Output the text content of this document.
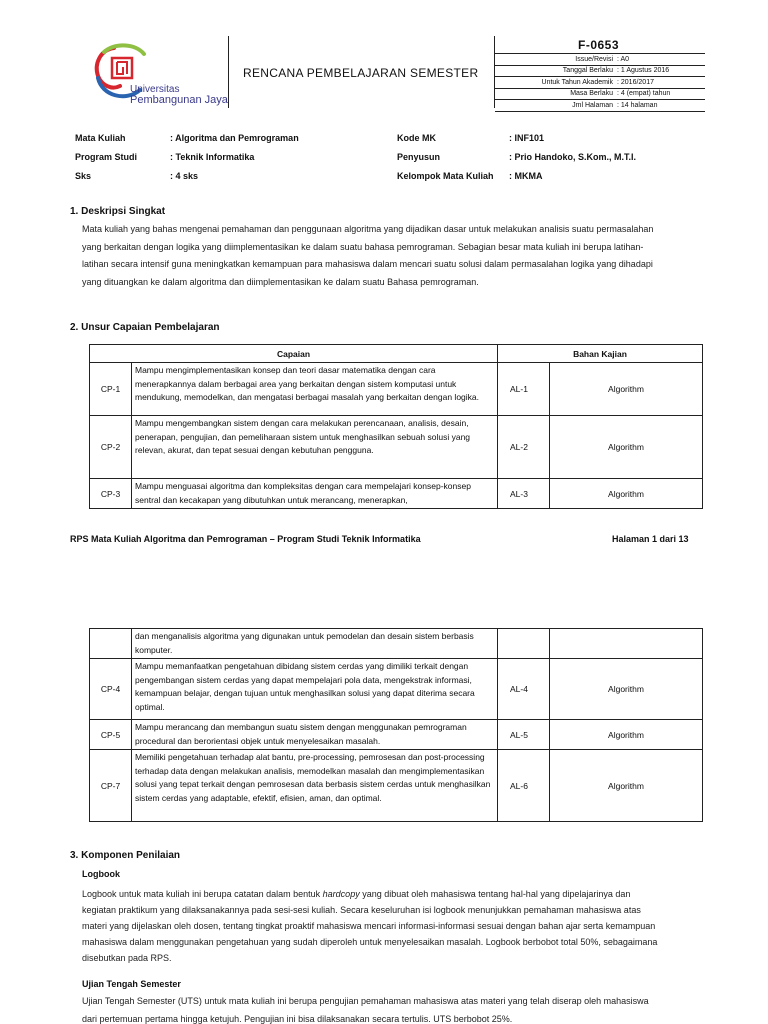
Universitas
Pembangunan Jaya
RENCANA PEMBELAJARAN SEMESTER
F-0653
Issue/Revisi	: A0
Tanggal Berlaku	: 1 Agustus 2016
Untuk Tahun Akademik	: 2016/2017
Masa Berlaku	: 4 (empat) tahun
Jml Halaman	: 14 halaman
Mata Kuliah	: Algoritma dan Pemrograman
Program Studi	: Teknik Informatika
Sks	: 4 sks
Kode MK	: INF101
Penyusun	: Prio Handoko, S.Kom., M.T.I.
Kelompok Mata Kuliah : MKMA
1. Deskripsi Singkat
Mata kuliah yang bahas mengenai pemahaman dan penggunaan algoritma yang dijadikan dasar untuk melakukan analisis suatu permasalahan
yang berkaitan dengan logika yang diimplementasikan ke dalam suatu bahasa pemrograman. Sebagian besar mata kuliah ini berupa latihan-
latihan secara intensif guna meningkatkan kemampuan para mahasiswa dalam mencari suatu solusi dalam permasalahan logika yang dihadapi
yang dituangkan ke dalam algoritma dan diimplementasikan ke dalam suatu Bahasa pemrograman.
2. Unsur Capaian Pembelajaran
Capaian		Bahan Kajian	
CP-1	Mampu mengimplementasikan konsep dan teori dasar matematika dengan cara menerapkannya dalam berbagai area yang berkaitan dengan sistem komputasi untuk mendukung, memodelkan, dan mengatasi berbagai masalah yang berkaitan dengan logika.	AL-1	Algorithm
CP-2	Mampu mengembangkan sistem dengan cara melakukan perencanaan, analisis, desain, penerapan, pengujian, dan pemeliharaan sistem untuk menghasilkan sebuah solusi yang relevan, akurat, dan tepat sesuai dengan kebutuhan pengguna.	AL-2	Algorithm
CP-3	Mampu menguasai algoritma dan kompleksitas dengan cara mempelajari konsep-konsep sentral dan kecakapan yang dibutuhkan untuk merancang, menerapkan,	AL-3	Algorithm
RPS Mata Kuliah Algoritma dan Pemrograman – Program Studi Teknik Informatika	Halaman 1 dari 13
	dan menganalisis algoritma yang digunakan untuk pemodelan dan desain sistem berbasis komputer.		
CP-4	Mampu memanfaatkan pengetahuan dibidang sistem cerdas yang dimiliki terkait dengan pengembangan sistem cerdas yang dapat mempelajari pola data, mengekstrak informasi, kemampuan belajar, dengan tujuan untuk menghasilkan solusi yang dapat diterima secara optimal.	AL-4	Algorithm
CP-5	Mampu merancang dan membangun suatu sistem dengan menggunakan pemrograman procedural dan berorientasi objek untuk menyelesaikan masalah.	AL-5	Algorithm
CP-7	Memiliki pengetahuan terhadap alat bantu, pre-processing, pemrosesan dan post-processing terhadap data dengan melakukan analisis, memodelkan masalah dan mengimplementasikan solusi yang tepat terkait dengan pemrosesan data berbasis sistem cerdas untuk menghasilkan sistem cerdas yang adaptable, efektif, efisien, aman, dan optimal.	AL-6	Algorithm
3. Komponen Penilaian
Logbook
Logbook untuk mata kuliah ini berupa catatan dalam bentuk hardcopy yang dibuat oleh mahasiswa tentang hal-hal yang dipelajarinya dan
kegiatan praktikum yang dilaksanakannya pada sesi-sesi kuliah. Secara keseluruhan isi logbook menunjukkan pemahaman mahasiswa atas
materi yang dijelaskan oleh dosen, tentang tingkat proaktif mahasiswa mencari informasi-informasi sesuai dengan bahan ajar serta kemampuan
mahasiswa dalam menggunakan pengetahuan yang sudah diperoleh untuk menyelesaikan masalah. Logbook berbobot total 50%, sebagaimana
disebutkan pada RPS.
Ujian Tengah Semester
Ujian Tengah Semester (UTS) untuk mata kuliah ini berupa pengujian pemahaman mahasiswa atas materi yang telah diserap oleh mahasiswa
dari pertemuan pertama hingga ketujuh. Pengujian ini bisa dilaksanakan secara tertulis. UTS berbobot 25%.
